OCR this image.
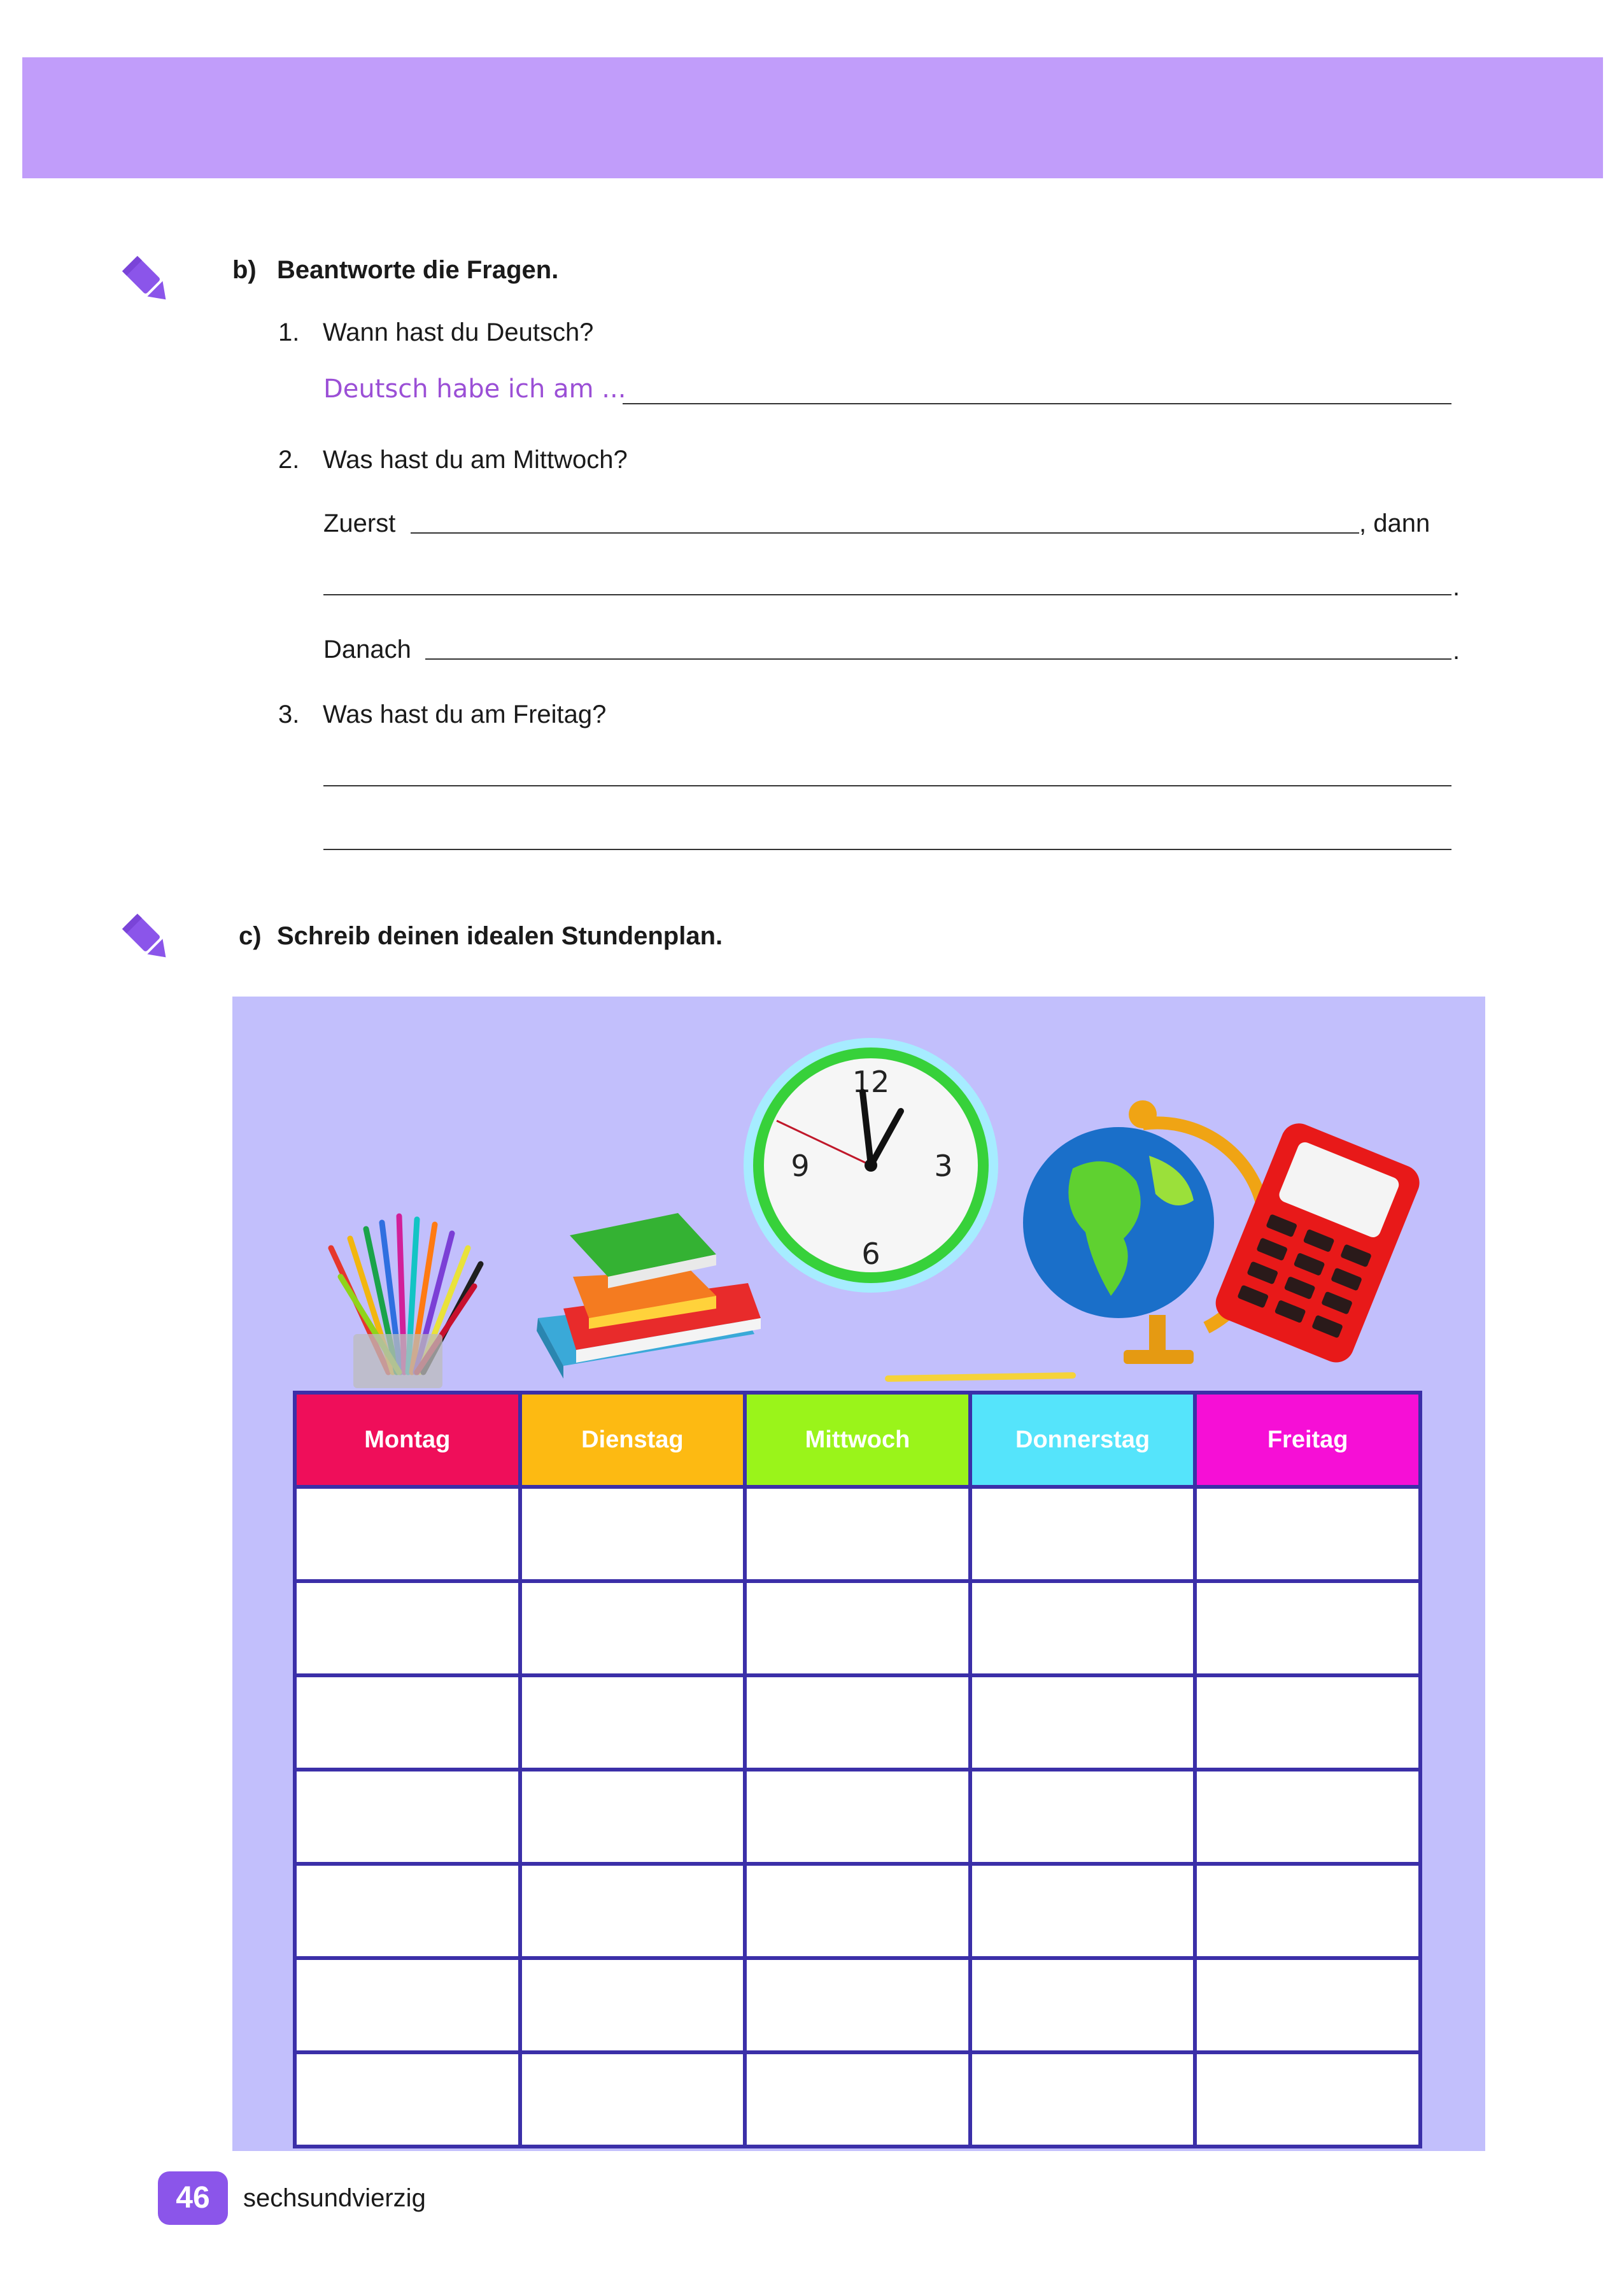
b) Beantworte die Fragen.
1. Wann hast du Deutsch?
Deutsch habe ich am ...
2. Was hast du am Mittwoch?
Zuerst	, dann
.
Danach	.
3. Was hast du am Freitag?
c) Schreib deinen idealen Stundenplan.
12
3
6
9
Montag	Dienstag	Mittwoch	Donnerstag	Freitag

46	sechsundvierzig
